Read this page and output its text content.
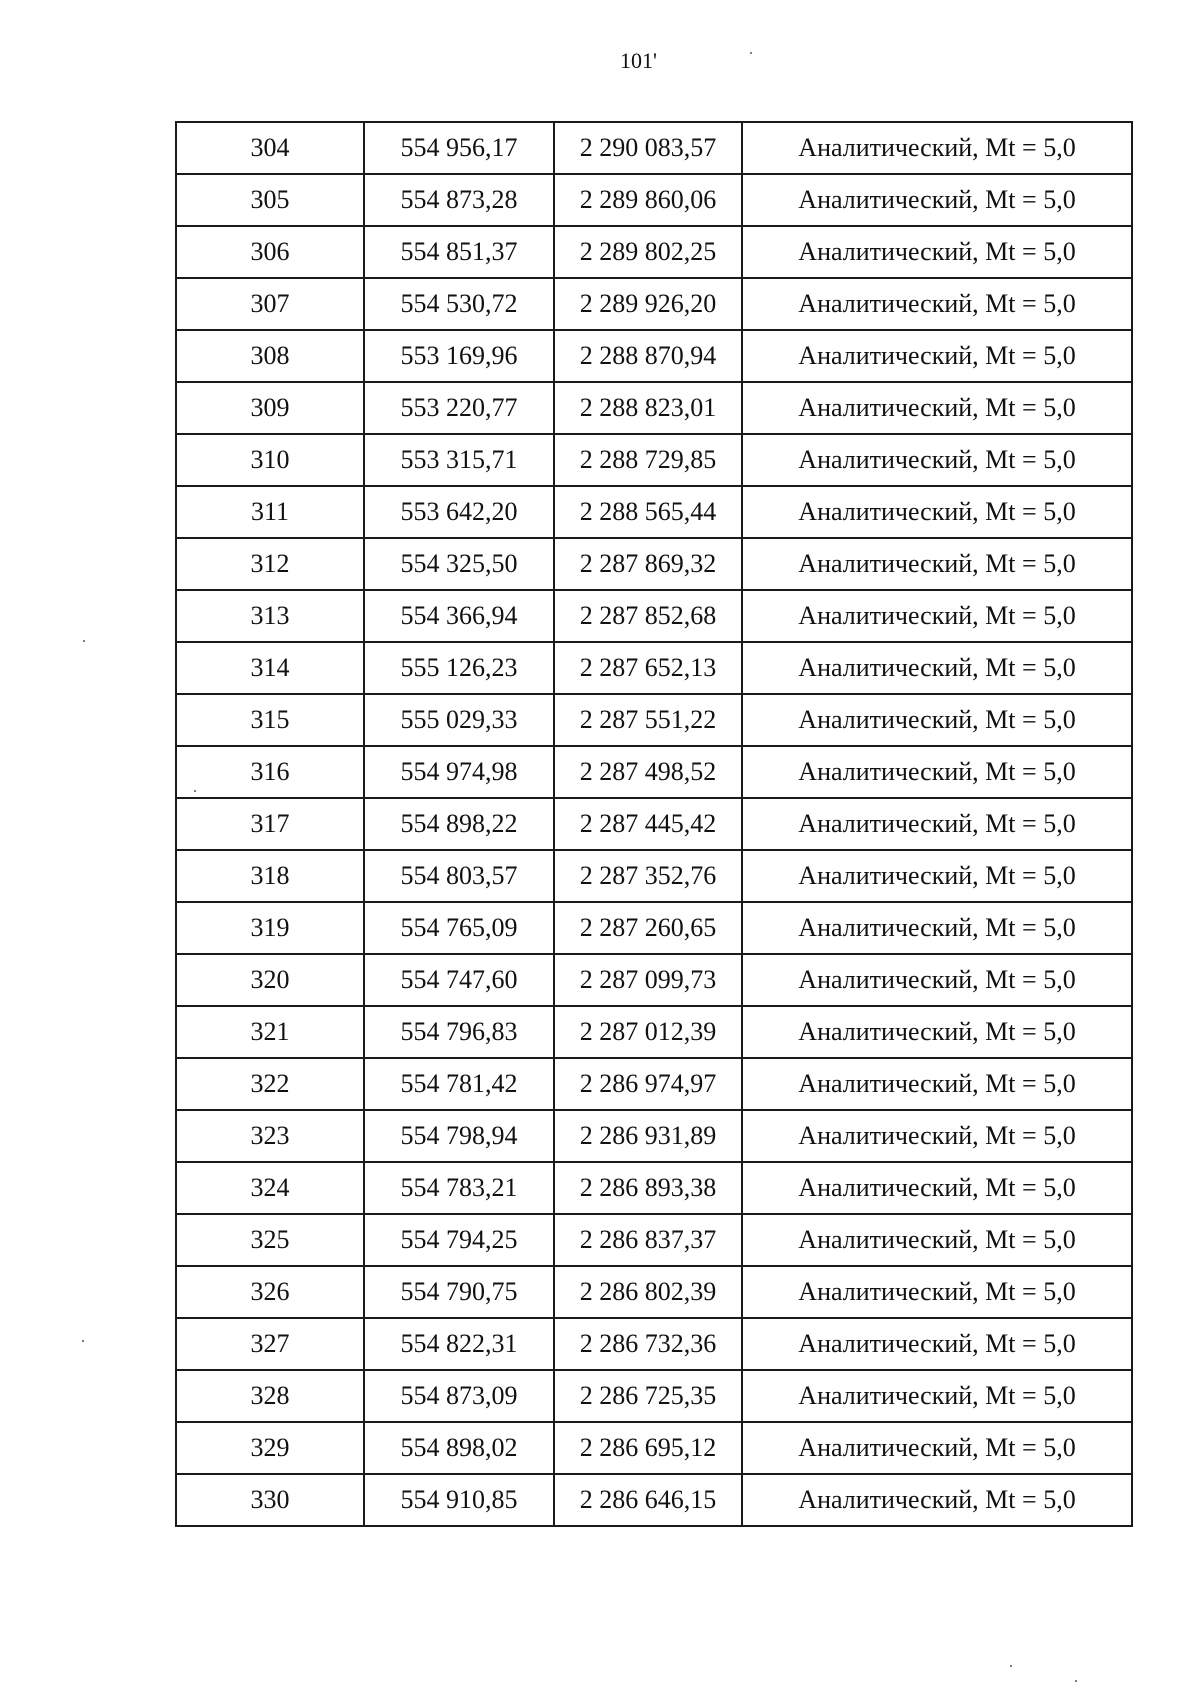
101'
304	554 956,17	2 290 083,57	Аналитический, Mt = 5,0
305	554 873,28	2 289 860,06	Аналитический, Mt = 5,0
306	554 851,37	2 289 802,25	Аналитический, Mt = 5,0
307	554 530,72	2 289 926,20	Аналитический, Mt = 5,0
308	553 169,96	2 288 870,94	Аналитический, Mt = 5,0
309	553 220,77	2 288 823,01	Аналитический, Mt = 5,0
310	553 315,71	2 288 729,85	Аналитический, Mt = 5,0
311	553 642,20	2 288 565,44	Аналитический, Mt = 5,0
312	554 325,50	2 287 869,32	Аналитический, Mt = 5,0
313	554 366,94	2 287 852,68	Аналитический, Mt = 5,0
314	555 126,23	2 287 652,13	Аналитический, Mt = 5,0
315	555 029,33	2 287 551,22	Аналитический, Mt = 5,0
316	554 974,98	2 287 498,52	Аналитический, Mt = 5,0
317	554 898,22	2 287 445,42	Аналитический, Mt = 5,0
318	554 803,57	2 287 352,76	Аналитический, Mt = 5,0
319	554 765,09	2 287 260,65	Аналитический, Mt = 5,0
320	554 747,60	2 287 099,73	Аналитический, Mt = 5,0
321	554 796,83	2 287 012,39	Аналитический, Mt = 5,0
322	554 781,42	2 286 974,97	Аналитический, Mt = 5,0
323	554 798,94	2 286 931,89	Аналитический, Mt = 5,0
324	554 783,21	2 286 893,38	Аналитический, Mt = 5,0
325	554 794,25	2 286 837,37	Аналитический, Mt = 5,0
326	554 790,75	2 286 802,39	Аналитический, Mt = 5,0
327	554 822,31	2 286 732,36	Аналитический, Mt = 5,0
328	554 873,09	2 286 725,35	Аналитический, Mt = 5,0
329	554 898,02	2 286 695,12	Аналитический, Mt = 5,0
330	554 910,85	2 286 646,15	Аналитический, Mt = 5,0
